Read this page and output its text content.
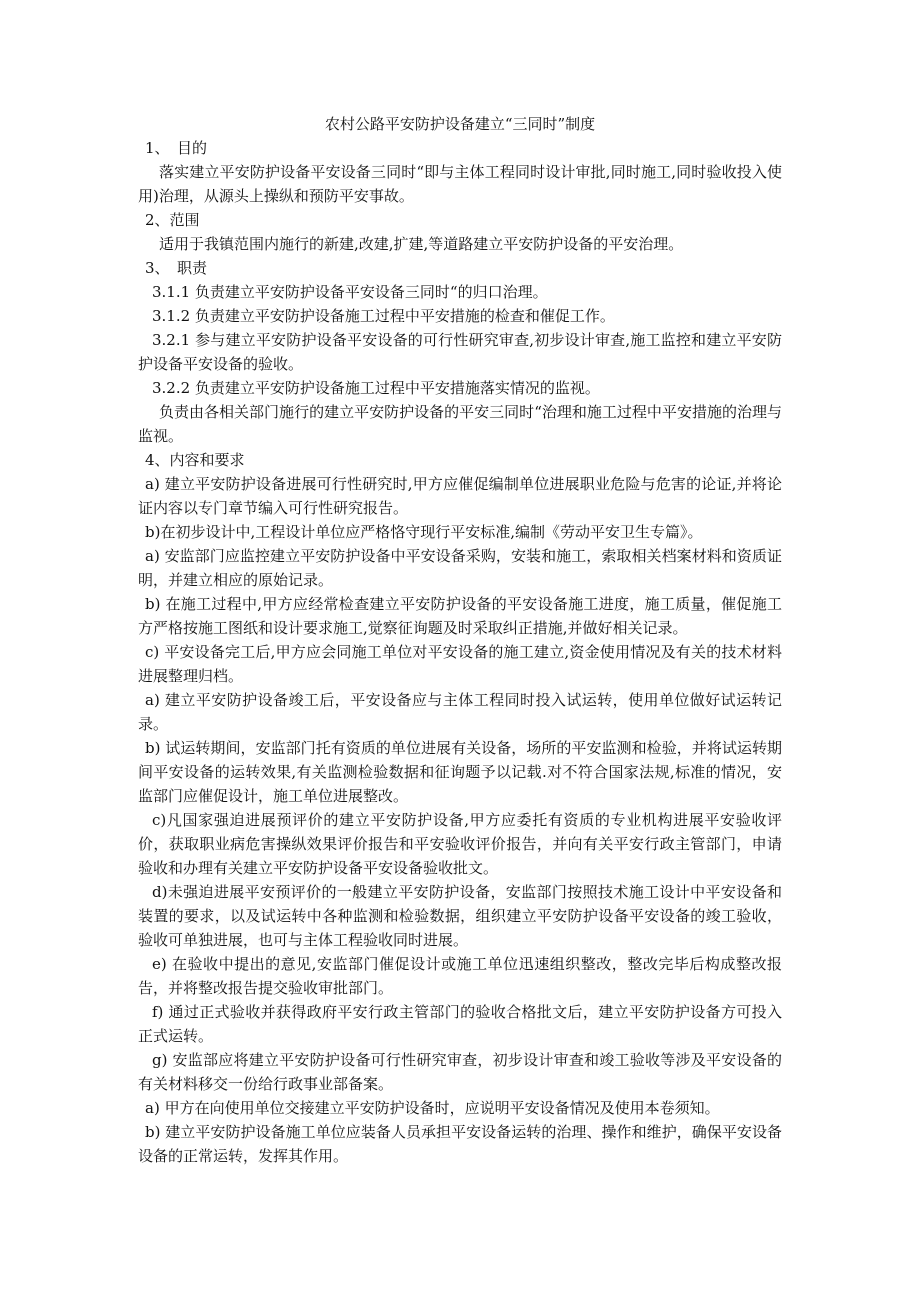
农村公路平安防护设备建立“三同时”制度

1、　目的

落实建立平安防护设备平安设备三同时“即与主体工程同时设计审批,同时施工,同时验收投入使用)治理，从源头上操纵和预防平安事故。

2、范围

适用于我镇范围内施行的新建,改建,扩建,等道路建立平安防护设备的平安治理。

3、　职责

3.1.1 负责建立平安防护设备平安设备三同时“的归口治理。

3.1.2 负责建立平安防护设备施工过程中平安措施的检查和催促工作。

3.2.1 参与建立平安防护设备平安设备的可行性研究审查,初步设计审查,施工监控和建立平安防护设备平安设备的验收。

3.2.2 负责建立平安防护设备施工过程中平安措施落实情况的监视。

负责由各相关部门施行的建立平安防护设备的平安三同时“治理和施工过程中平安措施的治理与监视。

4、内容和要求

a) 建立平安防护设备进展可行性研究时,甲方应催促编制单位进展职业危险与危害的论证,并将论证内容以专门章节编入可行性研究报告。

b)在初步设计中,工程设计单位应严格恪守现行平安标准,编制《劳动平安卫生专篇》。

a) 安监部门应监控建立平安防护设备中平安设备采购，安装和施工，索取相关档案材料和资质证明，并建立相应的原始记录。

b) 在施工过程中,甲方应经常检查建立平安防护设备的平安设备施工进度，施工质量，催促施工方严格按施工图纸和设计要求施工,觉察征询题及时采取纠正措施,并做好相关记录。

c) 平安设备完工后,甲方应会同施工单位对平安设备的施工建立,资金使用情况及有关的技术材料进展整理归档。

a) 建立平安防护设备竣工后，平安设备应与主体工程同时投入试运转，使用单位做好试运转记录。

b) 试运转期间，安监部门托有资质的单位进展有关设备，场所的平安监测和检验，并将试运转期间平安设备的运转效果,有关监测检验数据和征询题予以记载.对不符合国家法规,标准的情况，安监部门应催促设计，施工单位进展整改。

c)凡国家强迫进展预评价的建立平安防护设备,甲方应委托有资质的专业机构进展平安验收评价，获取职业病危害操纵效果评价报告和平安验收评价报告，并向有关平安行政主管部门，申请验收和办理有关建立平安防护设备平安设备验收批文。

d)未强迫进展平安预评价的一般建立平安防护设备，安监部门按照技术施工设计中平安设备和装置的要求，以及试运转中各种监测和检验数据，组织建立平安防护设备平安设备的竣工验收，验收可单独进展，也可与主体工程验收同时进展。

e) 在验收中提出的意见,安监部门催促设计或施工单位迅速组织整改，整改完毕后构成整改报告，并将整改报告提交验收审批部门。

f) 通过正式验收并获得政府平安行政主管部门的验收合格批文后，建立平安防护设备方可投入正式运转。

g) 安监部应将建立平安防护设备可行性研究审查，初步设计审查和竣工验收等涉及平安设备的有关材料移交一份给行政事业部备案。

a) 甲方在向使用单位交接建立平安防护设备时，应说明平安设备情况及使用本卷须知。

b) 建立平安防护设备施工单位应装备人员承担平安设备运转的治理、操作和维护，确保平安设备设备的正常运转，发挥其作用。
